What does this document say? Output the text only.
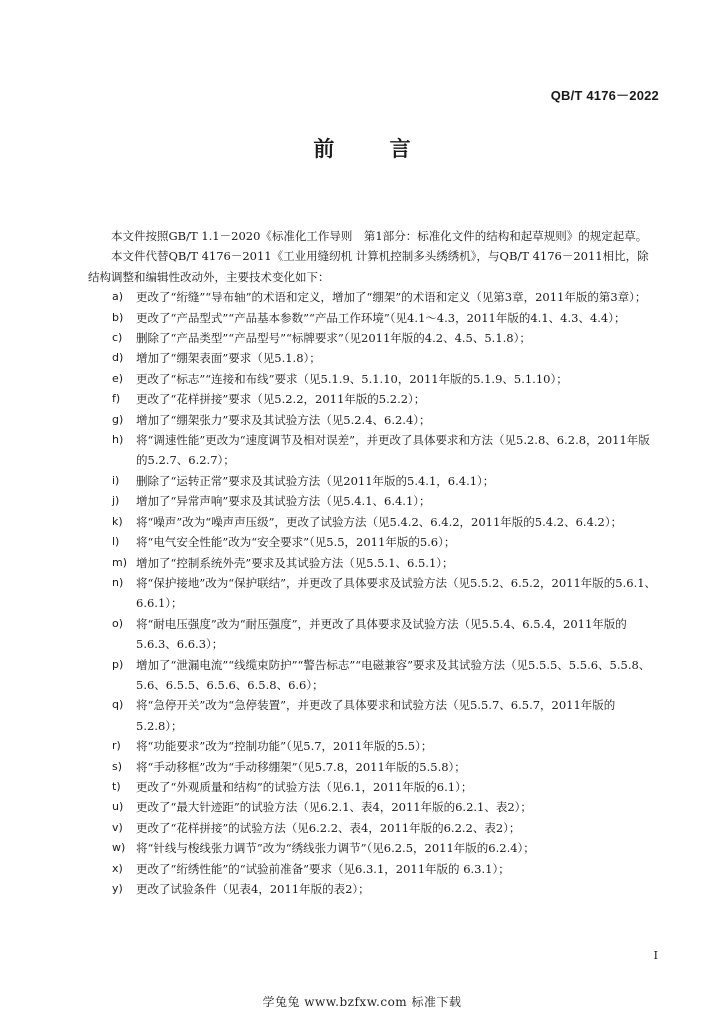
QB/T 4176－2022
前 言

本文件按照GB/T 1.1－2020《标准化工作导则　第1部分：标准化文件的结构和起草规则》的规定起草。

本文件代替QB/T 4176－2011《工业用缝纫机 计算机控制多头绣绣机》，与QB/T 4176－2011相比，除结构调整和编辑性改动外，主要技术变化如下：

a)	更改了“绗缝”“导布轴”的术语和定义，增加了“绷架”的术语和定义（见第3章，2011年版的第3章）；
b)	更改了“产品型式”“产品基本参数”“产品工作环境”（见4.1～4.3，2011年版的4.1、4.3、4.4）；
c)	删除了“产品类型”“产品型号”“标牌要求”（见2011年版的4.2、4.5、5.1.8）；
d)	增加了“绷架表面”要求（见5.1.8）；
e)	更改了“标志”“连接和布线”要求（见5.1.9、5.1.10，2011年版的5.1.9、5.1.10）；
f)	更改了“花样拼接”要求（见5.2.2，2011年版的5.2.2）；
g)	增加了“绷架张力”要求及其试验方法（见5.2.4、6.2.4）；
h)	将“调速性能”更改为“速度调节及相对误差”，并更改了具体要求和方法（见5.2.8、6.2.8，2011年版的5.2.7、6.2.7）；
i)	删除了“运转正常”要求及其试验方法（见2011年版的5.4.1，6.4.1）；
j)	增加了“异常声响”要求及其试验方法（见5.4.1、6.4.1）；
k)	将“噪声”改为“噪声声压级”，更改了试验方法（见5.4.2、6.4.2，2011年版的5.4.2、6.4.2）；
l)	将“电气安全性能”改为“安全要求”（见5.5，2011年版的5.6）；
m) 增加了“控制系统外壳”要求及其试验方法（见5.5.1、6.5.1）；
n)	将“保护接地”改为“保护联结”，并更改了具体要求及试验方法（见5.5.2、6.5.2，2011年版的5.6.1、6.6.1）；
o)	将“耐电压强度”改为“耐压强度”，并更改了具体要求及试验方法（见5.5.4、6.5.4，2011年版的5.6.3、6.6.3）；
p)	增加了“泄漏电流”“线缆束防护”“警告标志”“电磁兼容”要求及其试验方法（见5.5.5、5.5.6、5.5.8、5.6、6.5.5、6.5.6、6.5.8、6.6）；
q)	将“急停开关”改为“急停装置”，并更改了具体要求和试验方法（见5.5.7、6.5.7，2011年版的5.2.8）；
r)	将“功能要求”改为“控制功能”（见5.7，2011年版的5.5）；
s)	将“手动移框”改为“手动移绷架”（见5.7.8，2011年版的5.5.8）；
t)	更改了“外观质量和结构”的试验方法（见6.1，2011年版的6.1）；
u)	更改了“最大针迹距”的试验方法（见6.2.1、表4，2011年版的6.2.1、表2）；
v)	更改了“花样拼接”的试验方法（见6.2.2、表4，2011年版的6.2.2、表2）；
w) 将“针线与梭线张力调节”改为“绣线张力调节”（见6.2.5，2011年版的6.2.4）；
x)	更改了“绗绣性能”的“试验前准备”要求（见6.3.1，2011年版的 6.3.1）；
y)	更改了试验条件（见表4，2011年版的表2）；
I
学兔兔 www.bzfxw.com 标准下载
